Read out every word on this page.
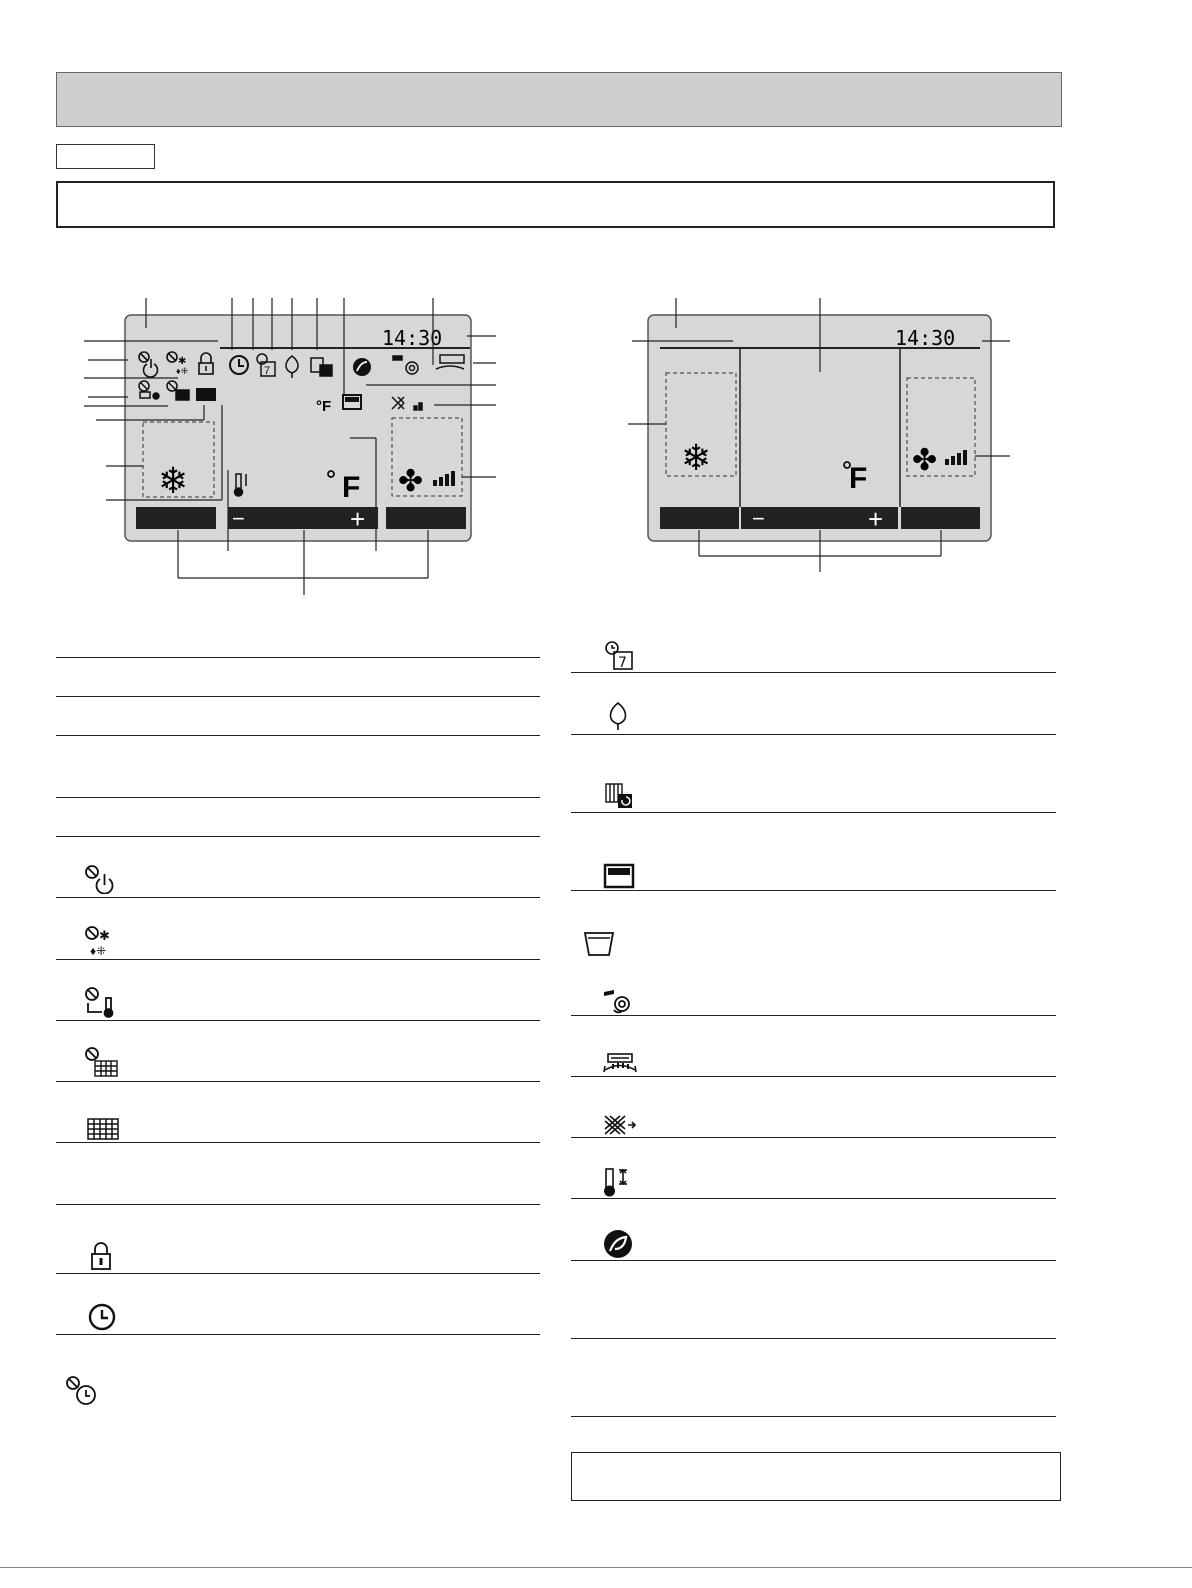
14:30
✱
♦⁜	7
°F
❄	F ✤
−	+
14:30
❄
F
✤
−	+
✱
♦⁜
7
